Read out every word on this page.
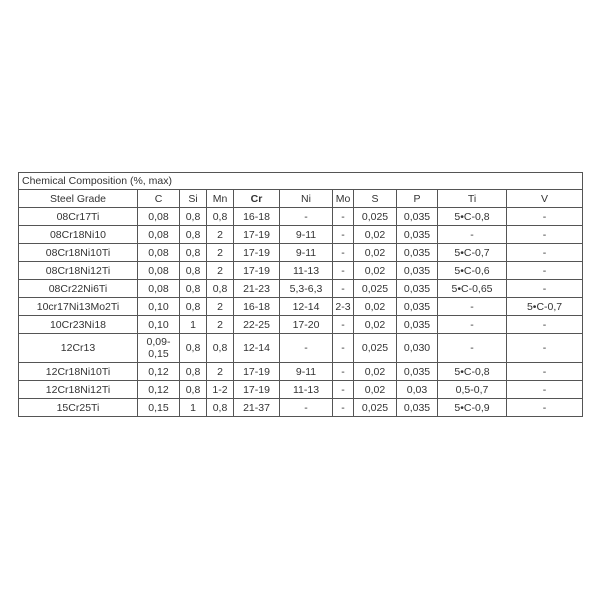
Chemical Composition (%, max)										
Steel Grade	C	Si	Mn	Cr	Ni	Mo	S	P	Ti	V
08Cr17Ti	0,08	0,8	0,8	16-18	-	-	0,025	0,035	5•C-0,8	-
08Cr18Ni10	0,08	0,8	2	17-19	9-11	-	0,02	0,035	-	-
08Cr18Ni10Ti	0,08	0,8	2	17-19	9-11	-	0,02	0,035	5•C-0,7	-
08Cr18Ni12Ti	0,08	0,8	2	17-19	11-13	-	0,02	0,035	5•C-0,6	-
08Cr22Ni6Ti	0,08	0,8	0,8	21-23	5,3-6,3	-	0,025	0,035	5•C-0,65	-
10cr17Ni13Mo2Ti	0,10	0,8	2	16-18	12-14	2-3	0,02	0,035	-	5•C-0,7
10Cr23Ni18	0,10	1	2	22-25	17-20	-	0,02	0,035	-	-
12Cr13	0,09-0,15	0,8	0,8	12-14	-	-	0,025	0,030	-	-
12Cr18Ni10Ti	0,12	0,8	2	17-19	9-11	-	0,02	0,035	5•C-0,8	-
12Cr18Ni12Ti	0,12	0,8	1-2	17-19	11-13	-	0,02	0,03	0,5-0,7	-
15Cr25Ti	0,15	1	0,8	21-37	-	-	0,025	0,035	5•C-0,9	-
